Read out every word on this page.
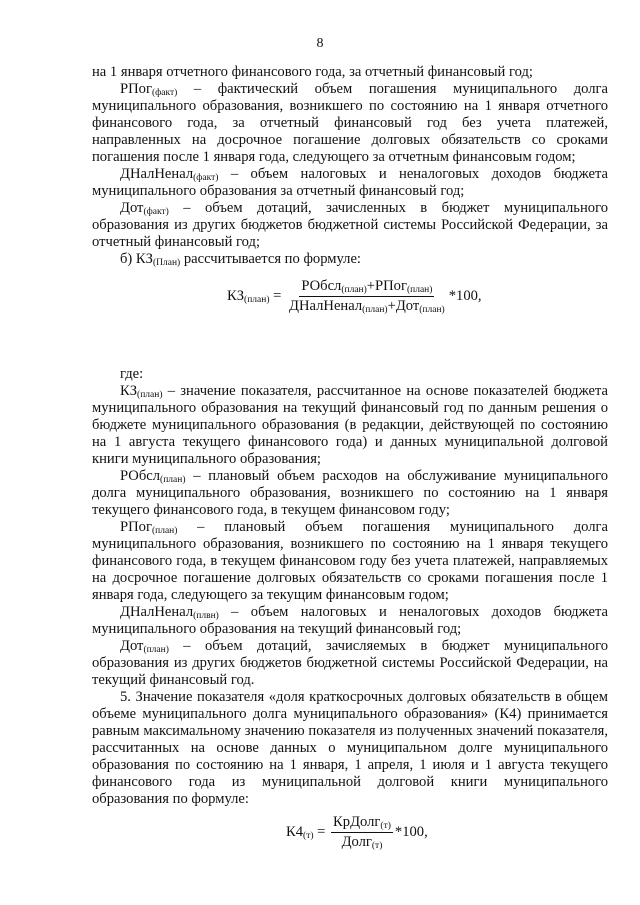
8

на 1 января отчетного финансового года, за отчетный финансовый год;

РПог$_{(факт)}$ – фактический объем погашения муниципального долга муниципального образования, возникшего по состоянию на 1 января отчетного финансового года, за отчетный финансовый год без учета платежей, направленных на досрочное погашение долговых обязательств со сроками погашения после 1 января года, следующего за отчетным финансовым годом;

ДНалНенал$_{(факт)}$ – объем налоговых и неналоговых доходов бюджета муниципального образования за отчетный финансовый год;

Дот$_{(факт)}$ – объем дотаций, зачисленных в бюджет муниципального образования из других бюджетов бюджетной системы Российской Федерации, за отчетный финансовый год;

б) $КЗ_{(План)}$ рассчитывается по формуле:

$КЗ_{(план)} = \frac{РОбсл_{(план)}+РПог_{(план)}}{ДНалНенал_{(план)}+Дот_{(план)}} *100$,

где:

$КЗ_{(план)}$ – значение показателя, рассчитанное на основе показателей бюджета муниципального образования на текущий финансовый год по данным решения о бюджете муниципального образования (в редакции, действующей по состоянию на 1 августа текущего финансового года) и данных муниципальной долговой книги муниципального образования;

РОбсл$_{(план)}$ – плановый объем расходов на обслуживание муниципального долга муниципального образования, возникшего по состоянию на 1 января текущего финансового года, в текущем финансовом году;

РПог$_{(план)}$ – плановый объем погашения муниципального долга муниципального образования, возникшего по состоянию на 1 января текущего финансового года, в текущем финансовом году без учета платежей, направляемых на досрочное погашение долговых обязательств со сроками погашения после 1 января года, следующего за текущим финансовым годом;

ДНалНенал$_{(плвн)}$ – объем налоговых и неналоговых доходов бюджета муниципального образования на текущий финансовый год;

Дот$_{(план)}$ – объем дотаций, зачисляемых в бюджет муниципального образования из других бюджетов бюджетной системы Российской Федерации, на текущий финансовый год.

5. Значение показателя «доля краткосрочных долговых обязательств в общем объеме муниципального долга муниципального образования» (К4) принимается равным максимальному значению показателя из полученных значений показателя, рассчитанных на основе данных о муниципальном долге муниципального образования по состоянию на 1 января, 1 апреля, 1 июля и 1 августа текущего финансового года из муниципальной долговой книги муниципального образования по формуле:

$К4_{(т)} = \frac{КрДолг_{(т)}}{Долг_{(т)}} *100$,
